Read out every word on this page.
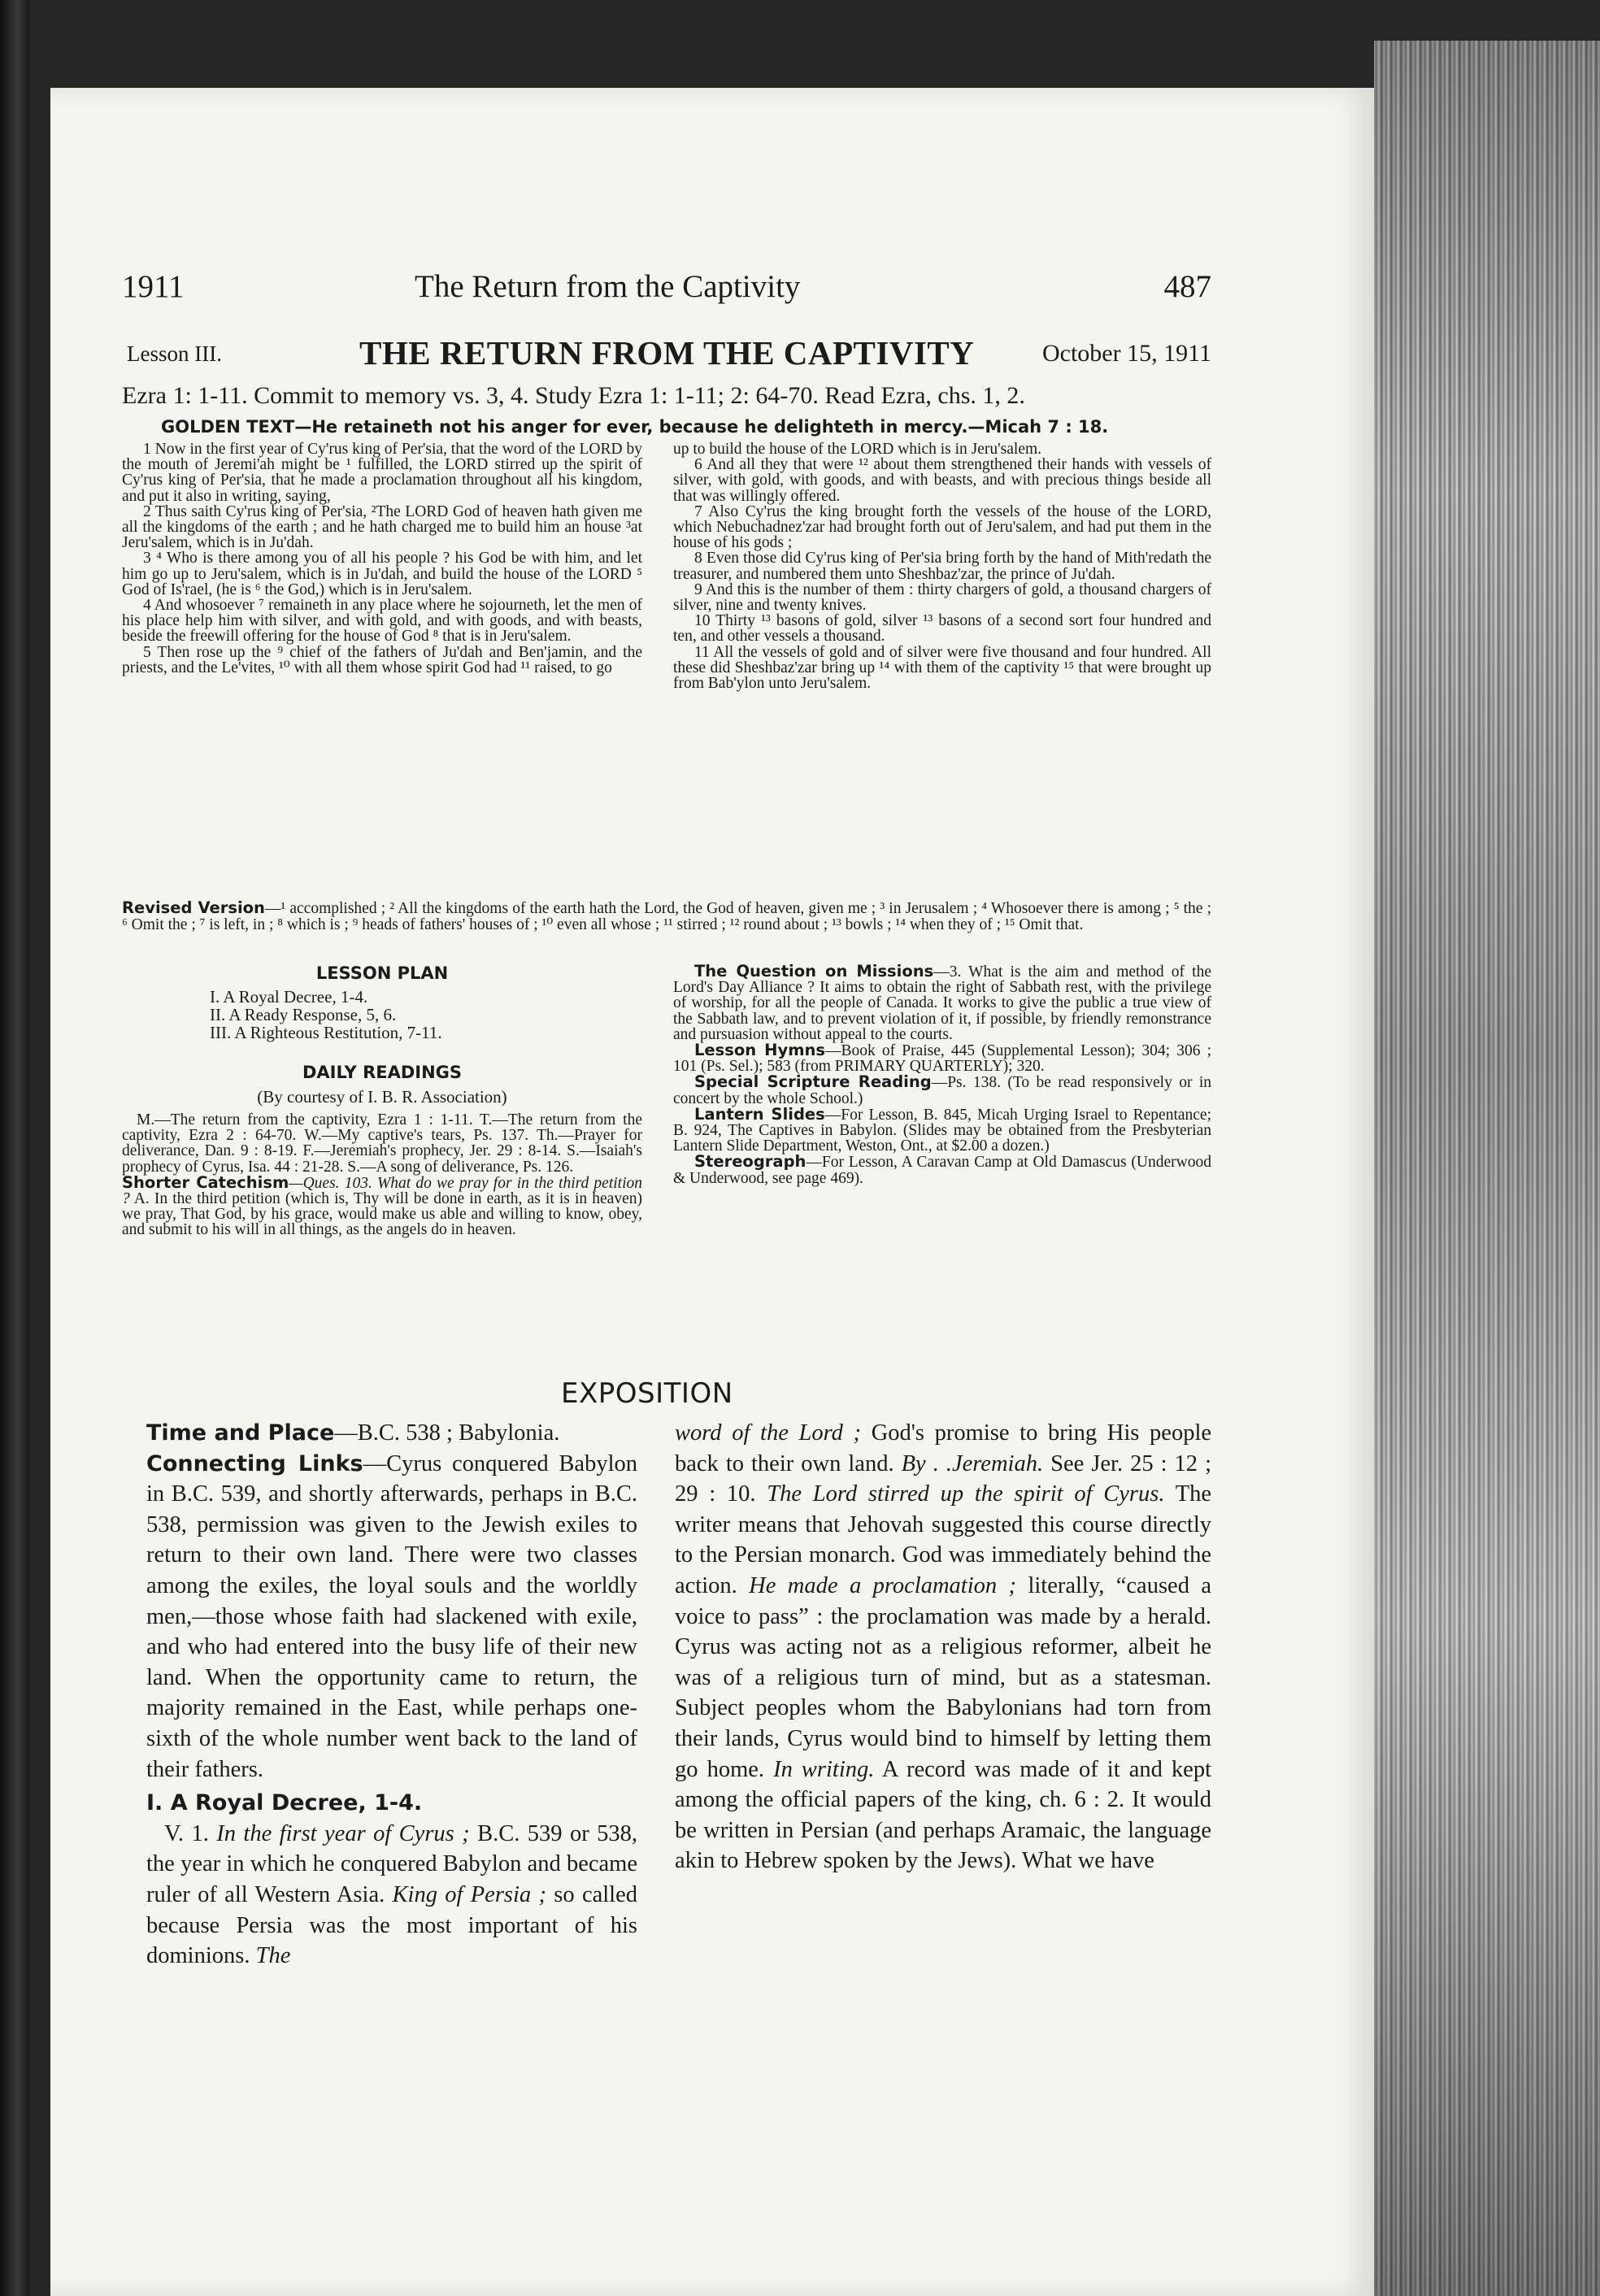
1911	The Return from the Captivity	487
Lesson III.	THE RETURN FROM THE CAPTIVITY	October 15, 1911
Ezra 1: 1-11. Commit to memory vs. 3, 4. Study Ezra 1: 1-11; 2: 64-70. Read Ezra, chs. 1, 2.
GOLDEN TEXT—He retaineth not his anger for ever, because he delighteth in mercy.—Micah 7 : 18.

1 Now in the first year of Cy'rus king of Per'sia, that the word of the LORD by the mouth of Jeremi'ah might be ¹ fulfilled, the LORD stirred up the spirit of Cy'rus king of Per'sia, that he made a proclamation throughout all his kingdom, and put it also in writing, saying,

2 Thus saith Cy'rus king of Per'sia, ²The LORD God of heaven hath given me all the kingdoms of the earth ; and he hath charged me to build him an house ³at Jeru'salem, which is in Ju'dah.

3 ⁴ Who is there among you of all his people ? his God be with him, and let him go up to Jeru'salem, which is in Ju'dah, and build the house of the LORD ⁵ God of Is'rael, (he is ⁶ the God,) which is in Jeru'salem.

4 And whosoever ⁷ remaineth in any place where he sojourneth, let the men of his place help him with silver, and with gold, and with goods, and with beasts, beside the freewill offering for the house of God ⁸ that is in Jeru'salem.

5 Then rose up the ⁹ chief of the fathers of Ju'dah and Ben'jamin, and the priests, and the Le'vites, ¹⁰ with all them whose spirit God had ¹¹ raised, to go

up to build the house of the LORD which is in Jeru'salem.

6 And all they that were ¹² about them strengthened their hands with vessels of silver, with gold, with goods, and with beasts, and with precious things beside all that was willingly offered.

7 Also Cy'rus the king brought forth the vessels of the house of the LORD, which Nebuchadnez'zar had brought forth out of Jeru'salem, and had put them in the house of his gods ;

8 Even those did Cy'rus king of Per'sia bring forth by the hand of Mith'redath the treasurer, and numbered them unto Sheshbaz'zar, the prince of Ju'dah.

9 And this is the number of them : thirty chargers of gold, a thousand chargers of silver, nine and twenty knives.

10 Thirty ¹³ basons of gold, silver ¹³ basons of a second sort four hundred and ten, and other vessels a thousand.

11 All the vessels of gold and of silver were five thousand and four hundred. All these did Sheshbaz'zar bring up ¹⁴ with them of the captivity ¹⁵ that were brought up from Bab'ylon unto Jeru'salem.

Revised Version—¹ accomplished ; ² All the kingdoms of the earth hath the Lord, the God of heaven, given me ; ³ in Jerusalem ; ⁴ Whosoever there is among ; ⁵ the ; ⁶ Omit the ; ⁷ is left, in ; ⁸ which is ; ⁹ heads of fathers' houses of ; ¹⁰ even all whose ; ¹¹ stirred ; ¹² round about ; ¹³ bowls ; ¹⁴ when they of ; ¹⁵ Omit that.

LESSON PLAN

I. A Royal Decree, 1-4.
II. A Ready Response, 5, 6.
III. A Righteous Restitution, 7-11.

DAILY READINGS

(By courtesy of I. B. R. Association)

M.—The return from the captivity, Ezra 1 : 1-11. T.—The return from the captivity, Ezra 2 : 64-70. W.—My captive's tears, Ps. 137. Th.—Prayer for deliverance, Dan. 9 : 8-19. F.—Jeremiah's prophecy, Jer. 29 : 8-14. S.—Isaiah's prophecy of Cyrus, Isa. 44 : 21-28. S.—A song of deliverance, Ps. 126.

Shorter Catechism—Ques. 103. What do we pray for in the third petition ? A. In the third petition (which is, Thy will be done in earth, as it is in heaven) we pray, That God, by his grace, would make us able and willing to know, obey, and submit to his will in all things, as the angels do in heaven.

The Question on Missions—3. What is the aim and method of the Lord's Day Alliance ? It aims to obtain the right of Sabbath rest, with the privilege of worship, for all the people of Canada. It works to give the public a true view of the Sabbath law, and to prevent violation of it, if possible, by friendly remonstrance and pursuasion without appeal to the courts.

Lesson Hymns—Book of Praise, 445 (Supplemental Lesson); 304; 306 ; 101 (Ps. Sel.); 583 (from PRIMARY QUARTERLY); 320.

Special Scripture Reading—Ps. 138. (To be read responsively or in concert by the whole School.)

Lantern Slides—For Lesson, B. 845, Micah Urging Israel to Repentance; B. 924, The Captives in Babylon. (Slides may be obtained from the Presbyterian Lantern Slide Department, Weston, Ont., at $2.00 a dozen.)

Stereograph—For Lesson, A Caravan Camp at Old Damascus (Underwood & Underwood, see page 469).

EXPOSITION

Time and Place—B.C. 538 ; Babylonia.

Connecting Links—Cyrus conquered Babylon in B.C. 539, and shortly afterwards, perhaps in B.C. 538, permission was given to the Jewish exiles to return to their own land. There were two classes among the exiles, the loyal souls and the worldly men,—those whose faith had slackened with exile, and who had entered into the busy life of their new land. When the opportunity came to return, the majority remained in the East, while perhaps one-sixth of the whole number went back to the land of their fathers.

I. A Royal Decree, 1-4.

V. 1. In the first year of Cyrus ; B.C. 539 or 538, the year in which he conquered Babylon and became ruler of all Western Asia. King of Persia ; so called because Persia was the most important of his dominions. The

word of the Lord ; God's promise to bring His people back to their own land. By . .Jeremiah. See Jer. 25 : 12 ; 29 : 10. The Lord stirred up the spirit of Cyrus. The writer means that Jehovah suggested this course directly to the Persian monarch. God was immediately behind the action. He made a proclamation ; literally, “caused a voice to pass” : the proclamation was made by a herald. Cyrus was acting not as a religious reformer, albeit he was of a religious turn of mind, but as a statesman. Subject peoples whom the Babylonians had torn from their lands, Cyrus would bind to himself by letting them go home. In writing. A record was made of it and kept among the official papers of the king, ch. 6 : 2. It would be written in Persian (and perhaps Aramaic, the language akin to Hebrew spoken by the Jews). What we have
